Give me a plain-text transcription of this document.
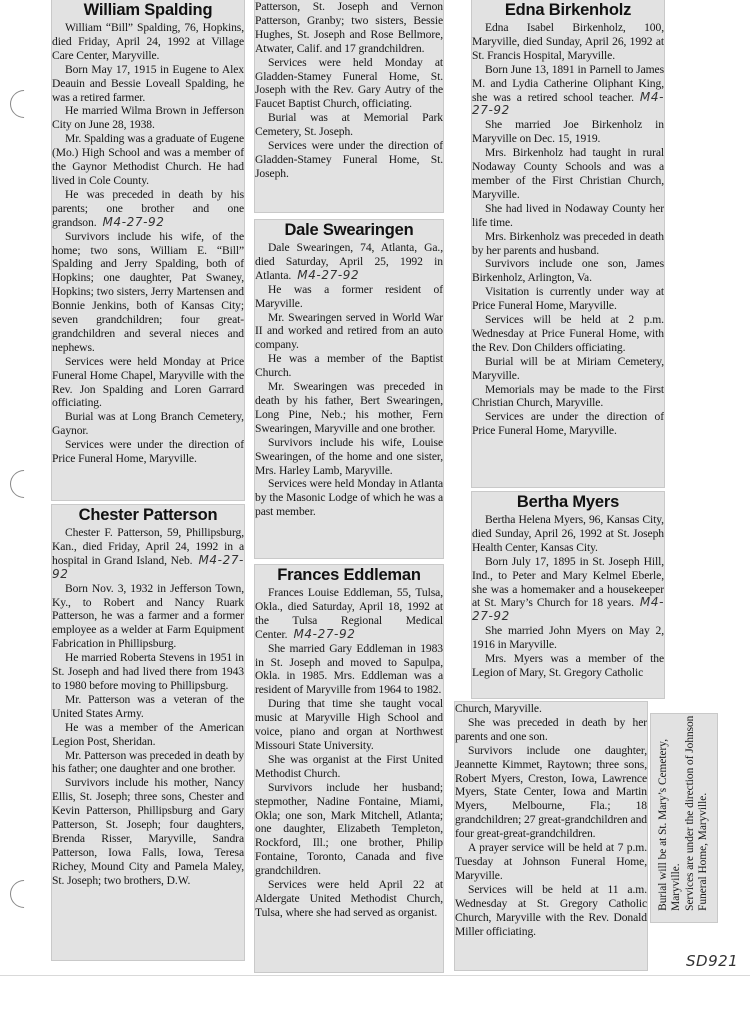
William Spalding

William “Bill” Spalding, 76, Hopkins, died Friday, April 24, 1992 at Village Care Center, Maryville.

Born May 17, 1915 in Eugene to Alex Deauin and Bessie Loveall Spalding, he was a retired farmer.

He married Wilma Brown in Jefferson City on June 28, 1938.

Mr. Spalding was a graduate of Eugene (Mo.) High School and was a member of the Gaynor Methodist Church. He had lived in Cole County.

He was preceded in death by his parents; one brother and one grandson. M4-27-92

Survivors include his wife, of the home; two sons, William E. “Bill” Spalding and Jerry Spalding, both of Hopkins; one daughter, Pat Swaney, Hopkins; two sisters, Jerry Martensen and Bonnie Jenkins, both of Kansas City; seven grandchildren; four great-grandchildren and several nieces and nephews.

Services were held Monday at Price Funeral Home Chapel, Maryville with the Rev. Jon Spalding and Loren Garrard officiating.

Burial was at Long Branch Cemetery, Gaynor.

Services were under the direction of Price Funeral Home, Maryville.

Chester Patterson

Chester F. Patterson, 59, Phillipsburg, Kan., died Friday, April 24, 1992 in a hospital in Grand Island, Neb. M4-27-92

Born Nov. 3, 1932 in Jefferson Town, Ky., to Robert and Nancy Ruark Patterson, he was a farmer and a former employee as a welder at Farm Equipment Fabrication in Phillipsburg.

He married Roberta Stevens in 1951 in St. Joseph and had lived there from 1943 to 1980 before moving to Phillipsburg.

Mr. Patterson was a veteran of the United States Army.

He was a member of the American Legion Post, Sheridan.

Mr. Patterson was preceded in death by his father; one daughter and one brother.

Survivors include his mother, Nancy Ellis, St. Joseph; three sons, Chester and Kevin Patterson, Phillipsburg and Gary Patterson, St. Joseph; four daughters, Brenda Risser, Maryville, Sandra Patterson, Iowa Falls, Iowa, Teresa Richey, Mound City and Pamela Maley, St. Joseph; two brothers, D.W.

Patterson, St. Joseph and Vernon Patterson, Granby; two sisters, Bessie Hughes, St. Joseph and Rose Bellmore, Atwater, Calif. and 17 grandchildren.

Services were held Monday at Gladden-Stamey Funeral Home, St. Joseph with the Rev. Gary Autry of the Faucet Baptist Church, officiating.

Burial was at Memorial Park Cemetery, St. Joseph.

Services were under the direction of Gladden-Stamey Funeral Home, St. Joseph.

Dale Swearingen

Dale Swearingen, 74, Atlanta, Ga., died Saturday, April 25, 1992 in Atlanta. M4-27-92

He was a former resident of Maryville.

Mr. Swearingen served in World War II and worked and retired from an auto company.

He was a member of the Baptist Church.

Mr. Swearingen was preceded in death by his father, Bert Swearingen, Long Pine, Neb.; his mother, Fern Swearingen, Maryville and one brother.

Survivors include his wife, Louise Swearingen, of the home and one sister, Mrs. Harley Lamb, Maryville.

Services were held Monday in Atlanta by the Masonic Lodge of which he was a past member.

Frances Eddleman

Frances Louise Eddleman, 55, Tulsa, Okla., died Saturday, April 18, 1992 at the Tulsa Regional Medical Center. M4-27-92

She married Gary Eddleman in 1983 in St. Joseph and moved to Sapulpa, Okla. in 1985. Mrs. Eddleman was a resident of Maryville from 1964 to 1982.

During that time she taught vocal music at Maryville High School and voice, piano and organ at Northwest Missouri State University.

She was organist at the First United Methodist Church.

Survivors include her husband; stepmother, Nadine Fontaine, Miami, Okla; one son, Mark Mitchell, Atlanta; one daughter, Elizabeth Templeton, Rockford, Ill.; one brother, Philip Fontaine, Toronto, Canada and five grandchildren.

Services were held April 22 at Aldergate United Methodist Church, Tulsa, where she had served as organist.

Edna Birkenholz

Edna Isabel Birkenholz, 100, Maryville, died Sunday, April 26, 1992 at St. Francis Hospital, Maryville.

Born June 13, 1891 in Parnell to James M. and Lydia Catherine Oliphant King, she was a retired school teacher. M4-27-92

She married Joe Birkenholz in Maryville on Dec. 15, 1919.

Mrs. Birkenholz had taught in rural Nodaway County Schools and was a member of the First Christian Church, Maryville.

She had lived in Nodaway County her life time.

Mrs. Birkenholz was preceded in death by her parents and husband.

Survivors include one son, James Birkenholz, Arlington, Va.

Visitation is currently under way at Price Funeral Home, Maryville.

Services will be held at 2 p.m. Wednesday at Price Funeral Home, with the Rev. Don Childers officiating.

Burial will be at Miriam Cemetery, Maryville.

Memorials may be made to the First Christian Church, Maryville.

Services are under the direction of Price Funeral Home, Maryville.

Bertha Myers

Bertha Helena Myers, 96, Kansas City, died Sunday, April 26, 1992 at St. Joseph Health Center, Kansas City.

Born July 17, 1895 in St. Joseph Hill, Ind., to Peter and Mary Kelmel Eberle, she was a homemaker and a housekeeper at St. Mary’s Church for 18 years. M4-27-92

She married John Myers on May 2, 1916 in Maryville.

Mrs. Myers was a member of the Legion of Mary, St. Gregory Catholic

Church, Maryville.

She was preceded in death by her parents and one son.

Survivors include one daughter, Jeannette Kimmet, Raytown; three sons, Robert Myers, Creston, Iowa, Lawrence Myers, State Center, Iowa and Martin Myers, Melbourne, Fla.; 18 grandchildren; 27 great-grandchildren and four great-great-grandchildren.

A prayer service will be held at 7 p.m. Tuesday at Johnson Funeral Home, Maryville.

Services will be held at 11 a.m. Wednesday at St. Gregory Catholic Church, Maryville with the Rev. Donald Miller officiating.

Burial will be at St. Mary’s Cemetery, Maryville. Services are under the direction of Johnson Funeral Home, Maryville.

SD921
